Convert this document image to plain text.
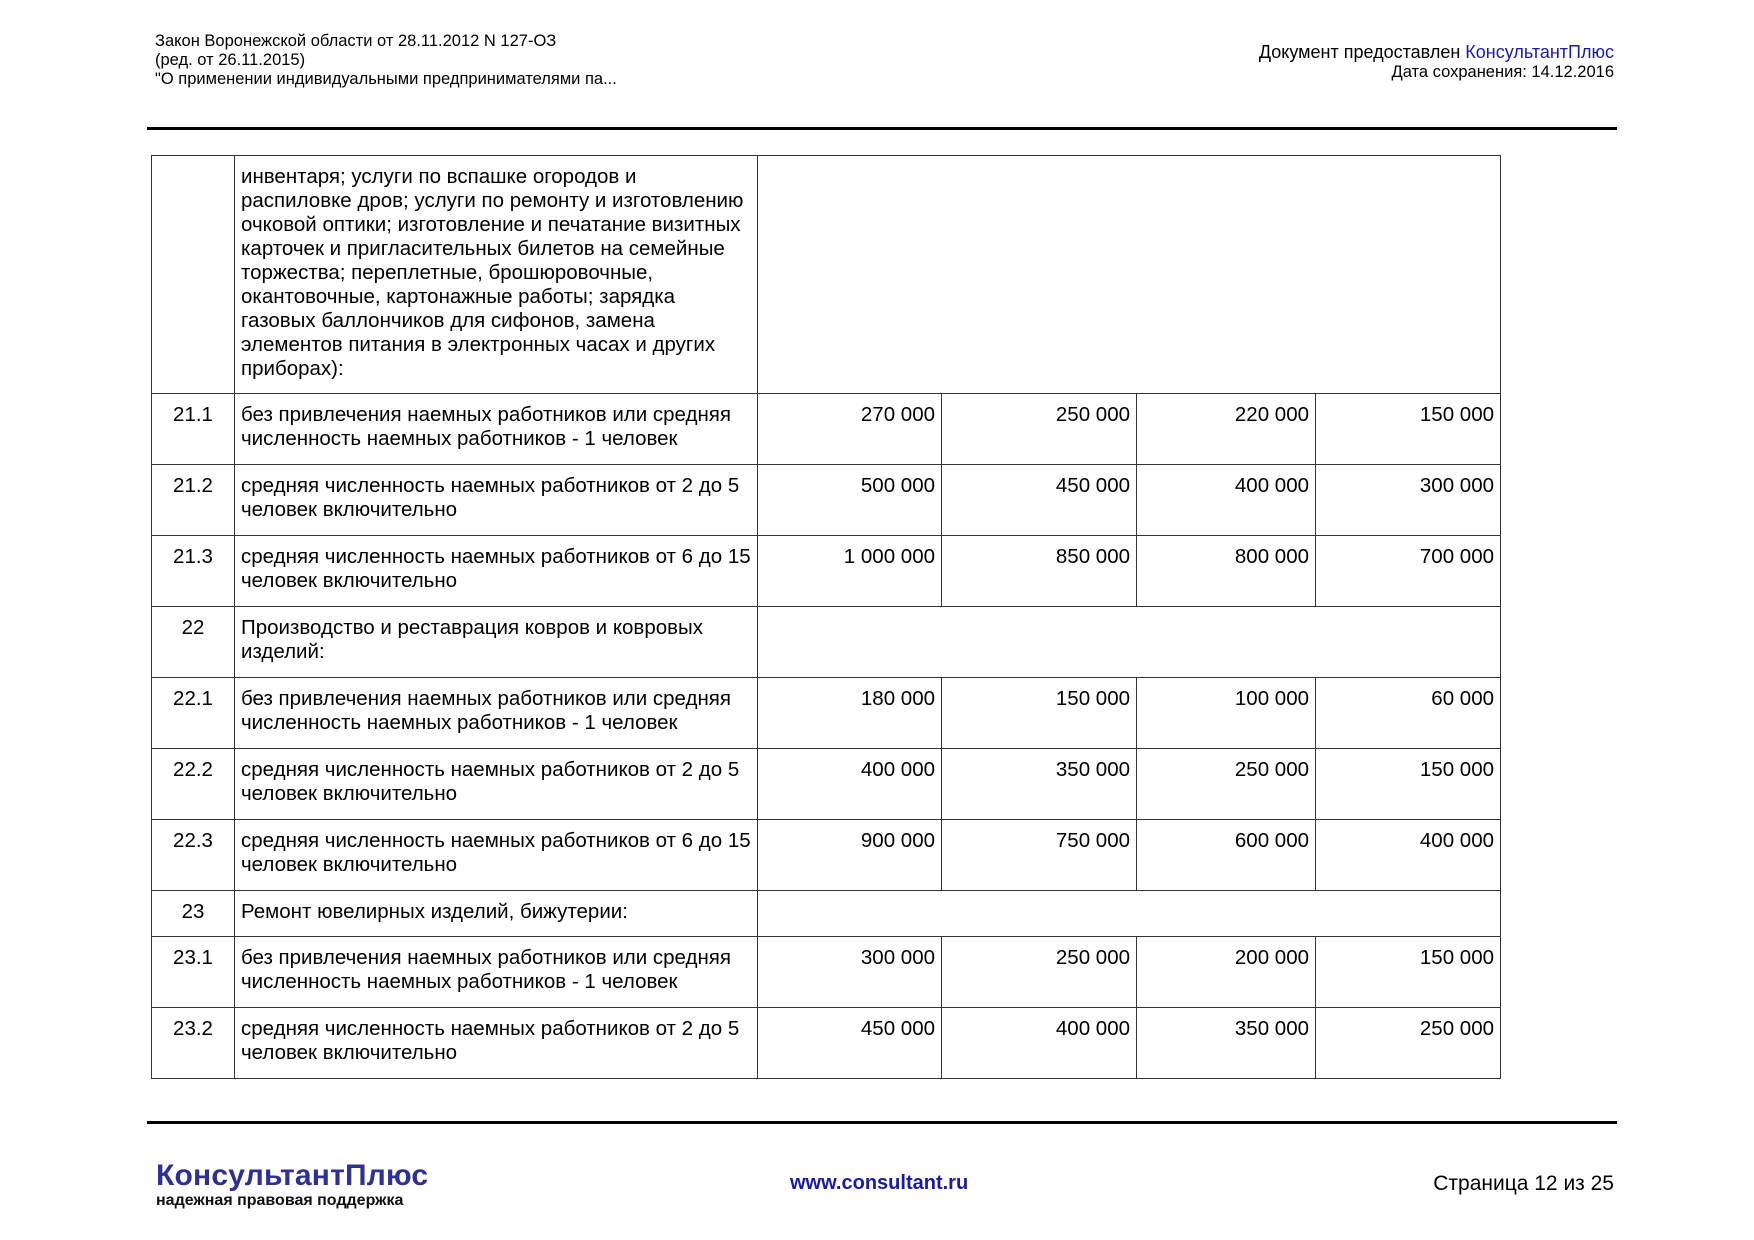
Закон Воронежской области от 28.11.2012 N 127-ОЗ
(ред. от 26.11.2015)
"О применении индивидуальными предпринимателями па...
Документ предоставлен КонсультантПлюс
Дата сохранения: 14.12.2016
	инвентаря; услуги по вспашке огородов и распиловке дров; услуги по ремонту и изготовлению очковой оптики; изготовление и печатание визитных карточек и пригласительных билетов на семейные торжества; переплетные, брошюровочные, окантовочные, картонажные работы; зарядка газовых баллончиков для сифонов, замена элементов питания в электронных часах и других приборах):				
21.1	без привлечения наемных работников или средняя численность наемных работников - 1 человек	270 000	250 000	220 000	150 000
21.2	средняя численность наемных работников от 2 до 5 человек включительно	500 000	450 000	400 000	300 000
21.3	средняя численность наемных работников от 6 до 15 человек включительно	1 000 000	850 000	800 000	700 000
22	Производство и реставрация ковров и ковровых изделий:				
22.1	без привлечения наемных работников или средняя численность наемных работников - 1 человек	180 000	150 000	100 000	60 000
22.2	средняя численность наемных работников от 2 до 5 человек включительно	400 000	350 000	250 000	150 000
22.3	средняя численность наемных работников от 6 до 15 человек включительно	900 000	750 000	600 000	400 000
23	Ремонт ювелирных изделий, бижутерии:				
23.1	без привлечения наемных работников или средняя численность наемных работников - 1 человек	300 000	250 000	200 000	150 000
23.2	средняя численность наемных работников от 2 до 5 человек включительно	450 000	400 000	350 000	250 000
КонсультантПлюс
надежная правовая поддержка
www.consultant.ru	Страница 12 из 25
